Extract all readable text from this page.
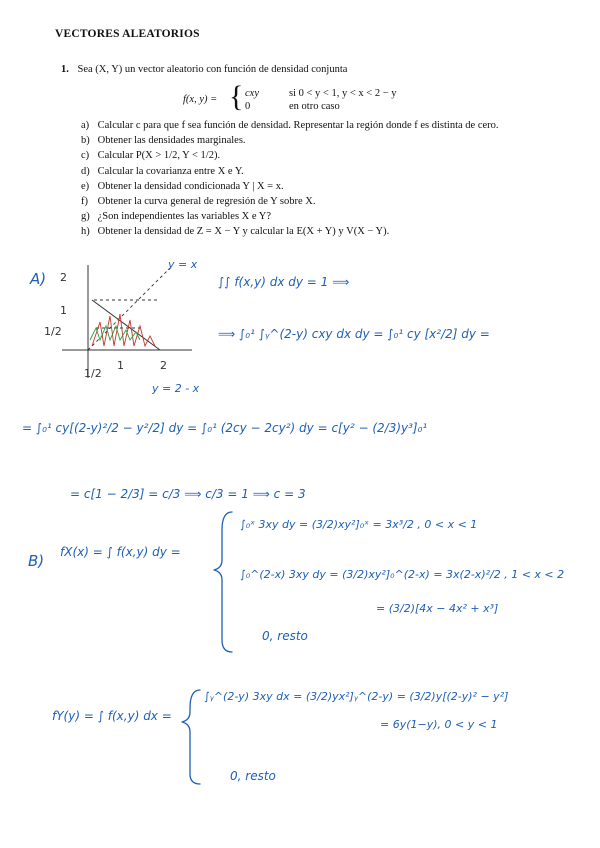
VECTORES ALEATORIOS
1. Sea (X, Y) un vector aleatorio con función de densidad conjunta
f(x, y) = { cxy	si 0 < y < 1, y < x < 2 − y
0	en otro caso
a) Calcular c para que f sea función de densidad. Representar la región donde f es distinta de cero.
b) Obtener las densidades marginales.
c) Calcular P(X > 1/2, Y < 1/2).
d) Calcular la covarianza entre X e Y.
e) Obtener la densidad condicionada Y | X = x.
f) Obtener la curva general de regresión de Y sobre X.
g) ¿Son independientes las variables X e Y?
h) Obtener la densidad de Z = X − Y y calcular la E(X + Y) y V(X − Y).
A) 2
1
1/2
1/2
1	2
y = x
y = 2 - x
∫∫ f(x,y) dx dy = 1 ⟹
⟹ ∫₀¹ ∫ᵧ^(2-y) cxy dx dy = ∫₀¹ cy [x²/2] dy =
= ∫₀¹ cy[(2-y)²/2 − y²/2] dy = ∫₀¹ (2cy − 2cy²) dy = c[y² − (2/3)y³]₀¹
= c[1 − 2/3] = c/3 ⟹ c/3 = 1 ⟹ c = 3
B) fX(x) = ∫ f(x,y) dy =
∫₀ˣ 3xy dy = (3/2)xy²]₀ˣ = 3x³/2 , 0 < x < 1
∫₀^(2-x) 3xy dy = (3/2)xy²]₀^(2-x) = 3x(2-x)²/2 , 1 < x < 2
= (3/2)[4x − 4x² + x³]
0, resto
fY(y) = ∫ f(x,y) dx =
∫ᵧ^(2-y) 3xy dx = (3/2)yx²]ᵧ^(2-y) = (3/2)y[(2-y)² − y²]
= 6y(1−y), 0 < y < 1
0, resto
